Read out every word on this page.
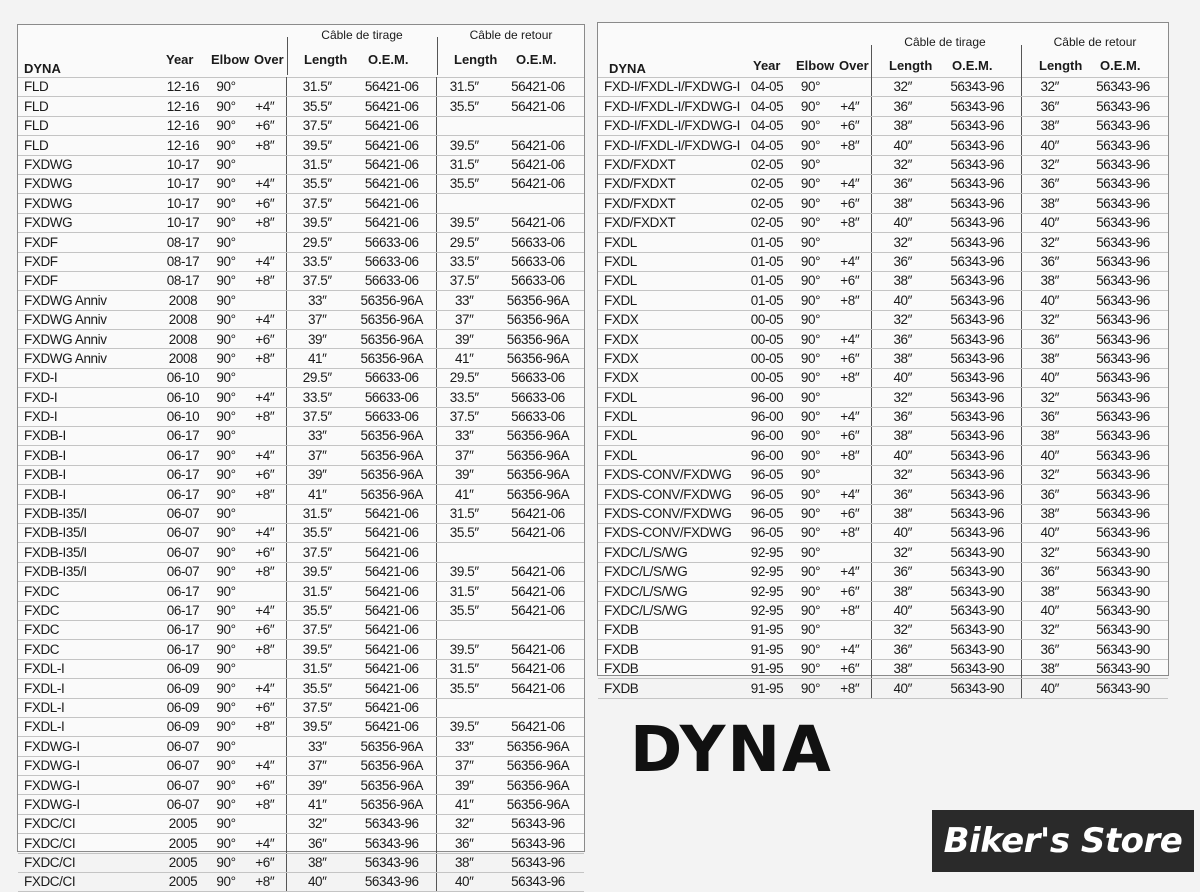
Câble de tirage	Câble de retour
Year Elbow Over Length O.E.M.	Length O.E.M.
DYNA
FLD	12-16	90°		31.5″	56421-06	31.5″	56421-06
FLD	12-16	90°	+4″	35.5″	56421-06	35.5″	56421-06
FLD	12-16	90°	+6″	37.5″	56421-06		
FLD	12-16	90°	+8″	39.5″	56421-06	39.5″	56421-06
FXDWG	10-17	90°		31.5″	56421-06	31.5″	56421-06
FXDWG	10-17	90°	+4″	35.5″	56421-06	35.5″	56421-06
FXDWG	10-17	90°	+6″	37.5″	56421-06		
FXDWG	10-17	90°	+8″	39.5″	56421-06	39.5″	56421-06
FXDF	08-17	90°		29.5″	56633-06	29.5″	56633-06
FXDF	08-17	90°	+4″	33.5″	56633-06	33.5″	56633-06
FXDF	08-17	90°	+8″	37.5″	56633-06	37.5″	56633-06
FXDWG Anniv	2008	90°		33″	56356-96A	33″	56356-96A
FXDWG Anniv	2008	90°	+4″	37″	56356-96A	37″	56356-96A
FXDWG Anniv	2008	90°	+6″	39″	56356-96A	39″	56356-96A
FXDWG Anniv	2008	90°	+8″	41″	56356-96A	41″	56356-96A
FXD-I	06-10	90°		29.5″	56633-06	29.5″	56633-06
FXD-I	06-10	90°	+4″	33.5″	56633-06	33.5″	56633-06
FXD-I	06-10	90°	+8″	37.5″	56633-06	37.5″	56633-06
FXDB-I	06-17	90°		33″	56356-96A	33″	56356-96A
FXDB-I	06-17	90°	+4″	37″	56356-96A	37″	56356-96A
FXDB-I	06-17	90°	+6″	39″	56356-96A	39″	56356-96A
FXDB-I	06-17	90°	+8″	41″	56356-96A	41″	56356-96A
FXDB-I35/I	06-07	90°		31.5″	56421-06	31.5″	56421-06
FXDB-I35/I	06-07	90°	+4″	35.5″	56421-06	35.5″	56421-06
FXDB-I35/I	06-07	90°	+6″	37.5″	56421-06		
FXDB-I35/I	06-07	90°	+8″	39.5″	56421-06	39.5″	56421-06
FXDC	06-17	90°		31.5″	56421-06	31.5″	56421-06
FXDC	06-17	90°	+4″	35.5″	56421-06	35.5″	56421-06
FXDC	06-17	90°	+6″	37.5″	56421-06		
FXDC	06-17	90°	+8″	39.5″	56421-06	39.5″	56421-06
FXDL-I	06-09	90°		31.5″	56421-06	31.5″	56421-06
FXDL-I	06-09	90°	+4″	35.5″	56421-06	35.5″	56421-06
FXDL-I	06-09	90°	+6″	37.5″	56421-06		
FXDL-I	06-09	90°	+8″	39.5″	56421-06	39.5″	56421-06
FXDWG-I	06-07	90°		33″	56356-96A	33″	56356-96A
FXDWG-I	06-07	90°	+4″	37″	56356-96A	37″	56356-96A
FXDWG-I	06-07	90°	+6″	39″	56356-96A	39″	56356-96A
FXDWG-I	06-07	90°	+8″	41″	56356-96A	41″	56356-96A
FXDC/CI	2005	90°		32″	56343-96	32″	56343-96
FXDC/CI	2005	90°	+4″	36″	56343-96	36″	56343-96
FXDC/CI	2005	90°	+6″	38″	56343-96	38″	56343-96
FXDC/CI	2005	90°	+8″	40″	56343-96	40″	56343-96
Câble de tirage	Câble de retour
Year Elbow Over Length O.E.M.	Length O.E.M.
DYNA
FXD-I/FXDL-I/FXDWG-I	04-05	90°		32″	56343-96	32″	56343-96
FXD-I/FXDL-I/FXDWG-I	04-05	90°	+4″	36″	56343-96	36″	56343-96
FXD-I/FXDL-I/FXDWG-I	04-05	90°	+6″	38″	56343-96	38″	56343-96
FXD-I/FXDL-I/FXDWG-I	04-05	90°	+8″	40″	56343-96	40″	56343-96
FXD/FXDXT	02-05	90°		32″	56343-96	32″	56343-96
FXD/FXDXT	02-05	90°	+4″	36″	56343-96	36″	56343-96
FXD/FXDXT	02-05	90°	+6″	38″	56343-96	38″	56343-96
FXD/FXDXT	02-05	90°	+8″	40″	56343-96	40″	56343-96
FXDL	01-05	90°		32″	56343-96	32″	56343-96
FXDL	01-05	90°	+4″	36″	56343-96	36″	56343-96
FXDL	01-05	90°	+6″	38″	56343-96	38″	56343-96
FXDL	01-05	90°	+8″	40″	56343-96	40″	56343-96
FXDX	00-05	90°		32″	56343-96	32″	56343-96
FXDX	00-05	90°	+4″	36″	56343-96	36″	56343-96
FXDX	00-05	90°	+6″	38″	56343-96	38″	56343-96
FXDX	00-05	90°	+8″	40″	56343-96	40″	56343-96
FXDL	96-00	90°		32″	56343-96	32″	56343-96
FXDL	96-00	90°	+4″	36″	56343-96	36″	56343-96
FXDL	96-00	90°	+6″	38″	56343-96	38″	56343-96
FXDL	96-00	90°	+8″	40″	56343-96	40″	56343-96
FXDS-CONV/FXDWG	96-05	90°		32″	56343-96	32″	56343-96
FXDS-CONV/FXDWG	96-05	90°	+4″	36″	56343-96	36″	56343-96
FXDS-CONV/FXDWG	96-05	90°	+6″	38″	56343-96	38″	56343-96
FXDS-CONV/FXDWG	96-05	90°	+8″	40″	56343-96	40″	56343-96
FXDC/L/S/WG	92-95	90°		32″	56343-90	32″	56343-90
FXDC/L/S/WG	92-95	90°	+4″	36″	56343-90	36″	56343-90
FXDC/L/S/WG	92-95	90°	+6″	38″	56343-90	38″	56343-90
FXDC/L/S/WG	92-95	90°	+8″	40″	56343-90	40″	56343-90
FXDB	91-95	90°		32″	56343-90	32″	56343-90
FXDB	91-95	90°	+4″	36″	56343-90	36″	56343-90
FXDB	91-95	90°	+6″	38″	56343-90	38″	56343-90
FXDB	91-95	90°	+8″	40″	56343-90	40″	56343-90
DYNA
Biker's Store
